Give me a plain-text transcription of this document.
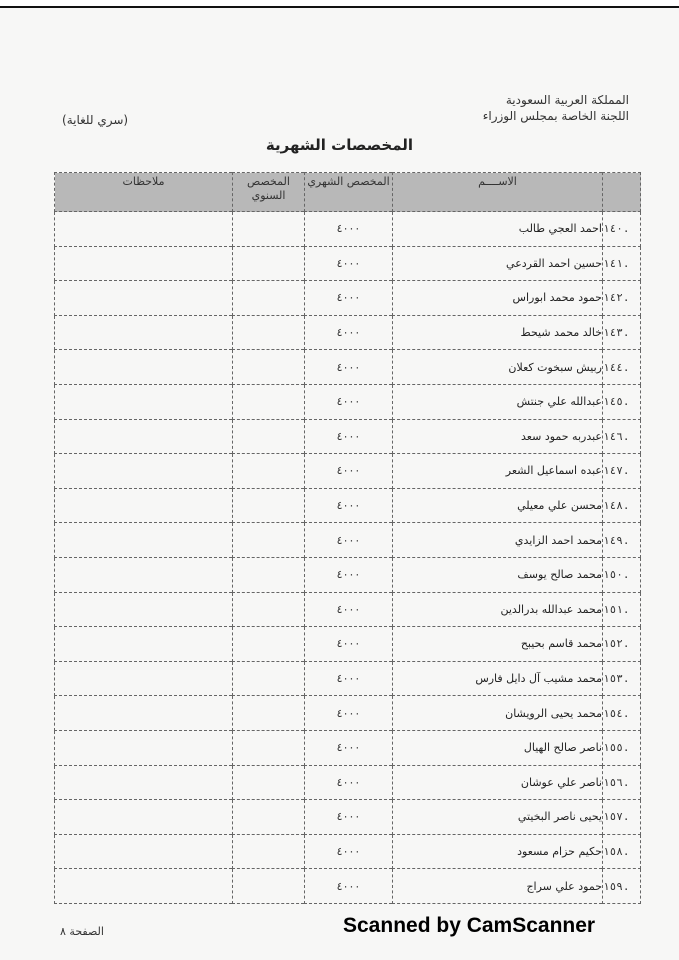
المملكة العربية السعودية
اللجنة الخاصة بمجلس الوزراء
(سري للغاية)
المخصصات الشهرية
	الاســــم	المخصص الشهري	المخصص السنوي	ملاحظات
١٤٠.	احمد العجي طالب	٤٠٠٠		
١٤١.	حسين احمد القردعي	٤٠٠٠		
١٤٢.	حمود محمد ابوراس	٤٠٠٠		
١٤٣.	خالد محمد شيحط	٤٠٠٠		
١٤٤.	ربيش سبخوت كعلان	٤٠٠٠		
١٤٥.	عبدالله علي جنتش	٤٠٠٠		
١٤٦.	عبدربه حمود سعد	٤٠٠٠		
١٤٧.	عبده اسماعيل الشعر	٤٠٠٠		
١٤٨.	محسن علي معيلي	٤٠٠٠		
١٤٩.	محمد احمد الزايدي	٤٠٠٠		
١٥٠.	محمد صالح يوسف	٤٠٠٠		
١٥١.	محمد عبدالله بدرالدين	٤٠٠٠		
١٥٢.	محمد قاسم بحيبح	٤٠٠٠		
١٥٣.	محمد مشيب آل دايل فارس	٤٠٠٠		
١٥٤.	محمد يحيى الرويشان	٤٠٠٠		
١٥٥.	ناصر صالح الهيال	٤٠٠٠		
١٥٦.	ناصر علي عوشان	٤٠٠٠		
١٥٧.	يحيى ناصر البخيتي	٤٠٠٠		
١٥٨.	حكيم حزام مسعود	٤٠٠٠		
١٥٩.	حمود علي سراج	٤٠٠٠		
الصفحة ٨	Scanned by CamScanner
